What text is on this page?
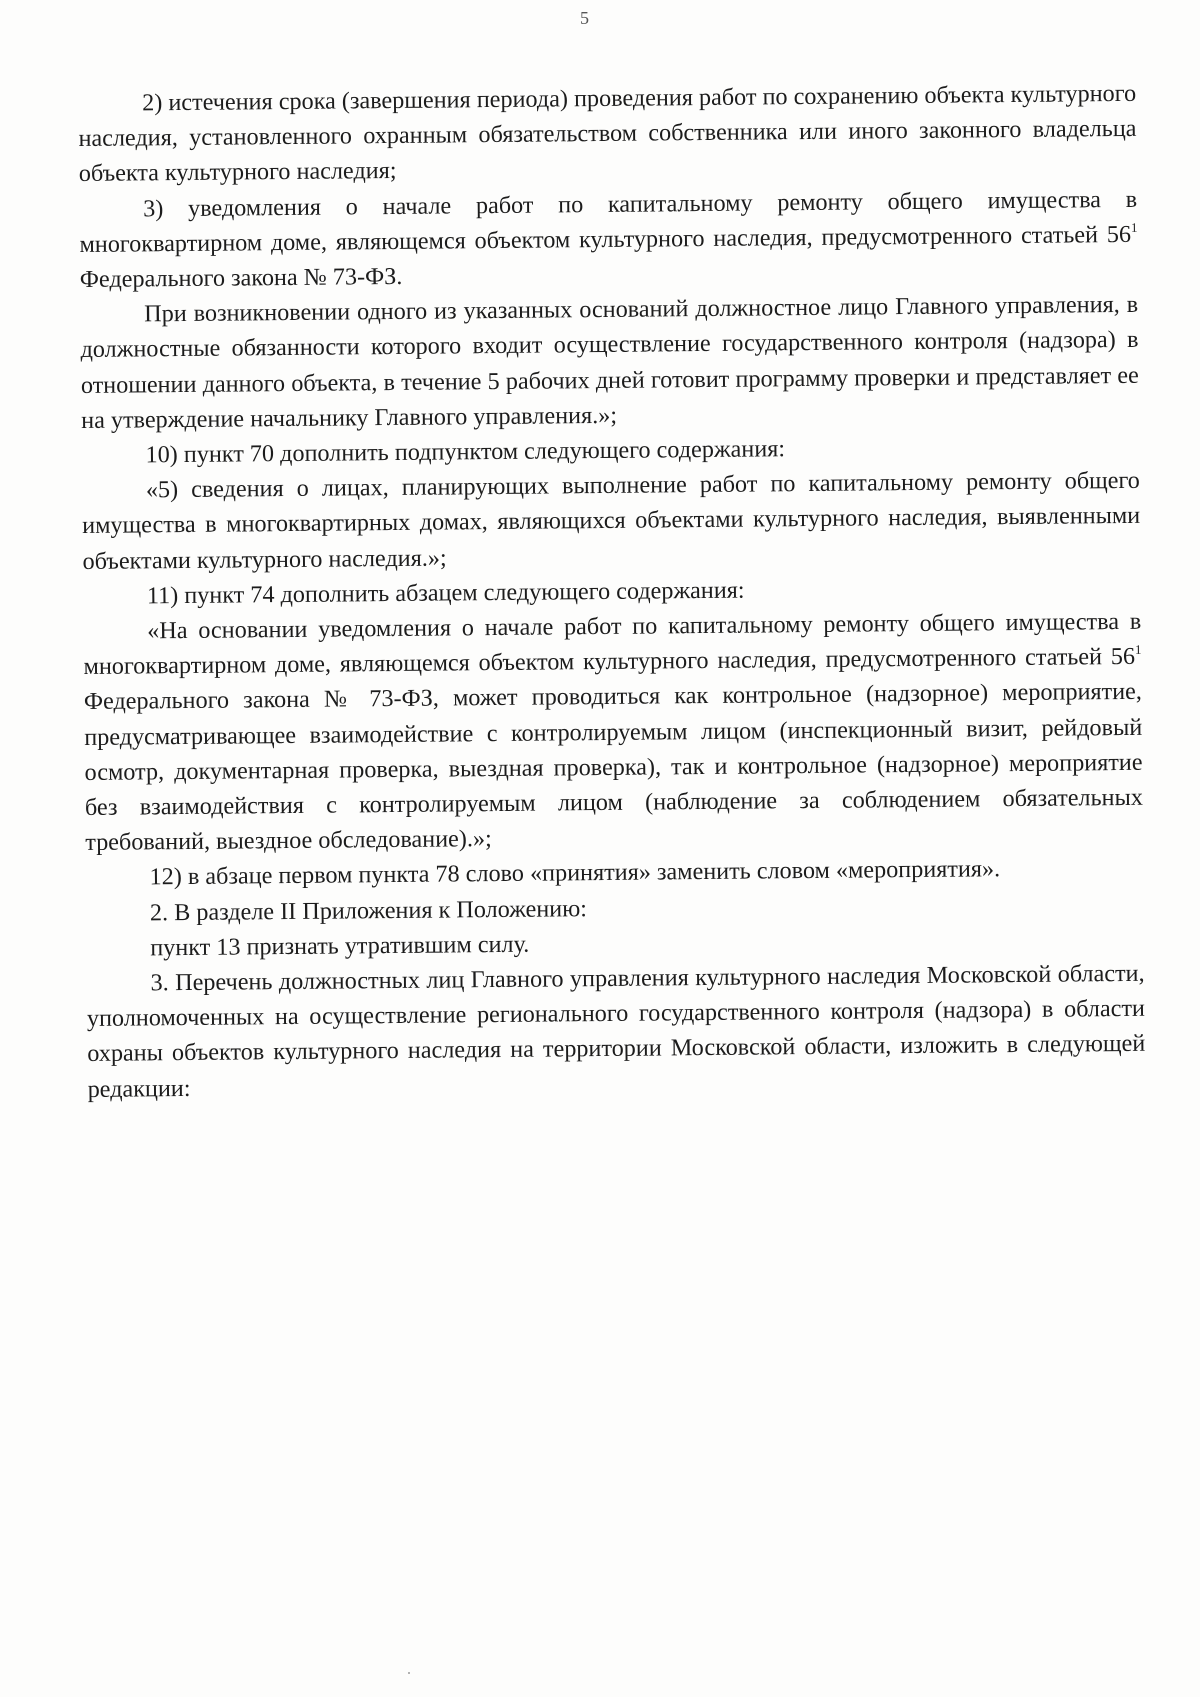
5

2) истечения срока (завершения периода) проведения работ по сохранению объекта культурного наследия, установленного охранным обязательством собственника или иного законного владельца объекта культурного наследия;

3) уведомления о начале работ по капитальному ремонту общего имущества в многоквартирном доме, являющемся объектом культурного наследия, предусмотренного статьей $56^1$ Федерального закона № 73-ФЗ.

При возникновении одного из указанных оснований должностное лицо Главного управления, в должностные обязанности которого входит осуществление государственного контроля (надзора) в отношении данного объекта, в течение 5 рабочих дней готовит программу проверки и представляет ее на утверждение начальнику Главного управления.»;

10) пункт 70 дополнить подпунктом следующего содержания:

«5) сведения о лицах, планирующих выполнение работ по капитальному ремонту общего имущества в многоквартирных домах, являющихся объектами культурного наследия, выявленными объектами культурного наследия.»;

11) пункт 74 дополнить абзацем следующего содержания:

«На основании уведомления о начале работ по капитальному ремонту общего имущества в многоквартирном доме, являющемся объектом культурного наследия, предусмотренного статьей $56^1$ Федерального закона № 73-ФЗ, может проводиться как контрольное (надзорное) мероприятие, предусматривающее взаимодействие с контролируемым лицом (инспекционный визит, рейдовый осмотр, документарная проверка, выездная проверка), так и контрольное (надзорное) мероприятие без взаимодействия с контролируемым лицом (наблюдение за соблюдением обязательных требований, выездное обследование).»;

12) в абзаце первом пункта 78 слово «принятия» заменить словом «мероприятия».

2. В разделе II Приложения к Положению:

пункт 13 признать утратившим силу.

3. Перечень должностных лиц Главного управления культурного наследия Московской области, уполномоченных на осуществление регионального государственного контроля (надзора) в области охраны объектов культурного наследия на территории Московской области, изложить в следующей редакции:
